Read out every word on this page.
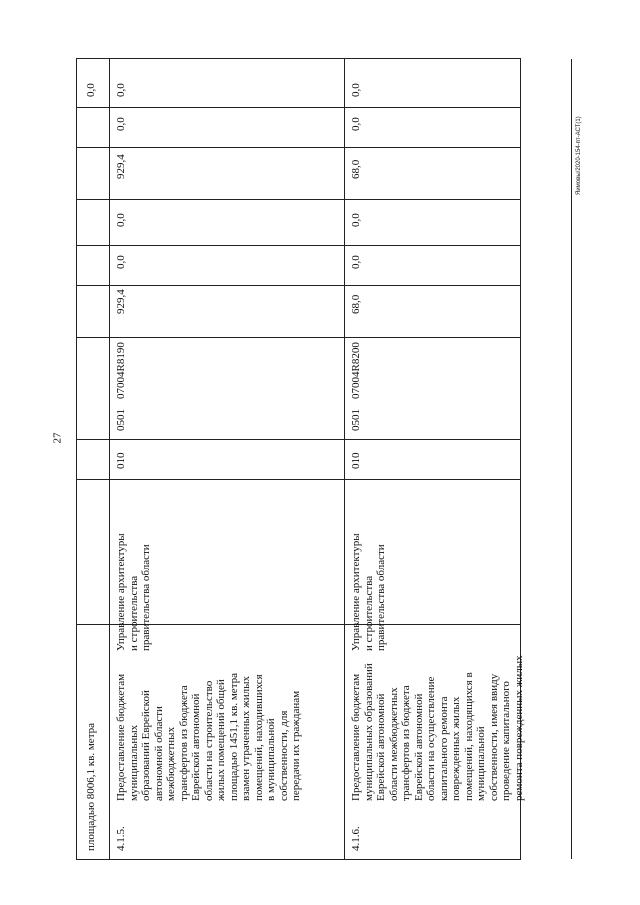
27
Яимовы/2020-154-пт-АСТ(1)
площадью 8006,1 кв. метра
0,0
4.1.5.
Предоставление бюджетам муниципальных образований Еврейской автономной области межбюджетных трансфертов из бюджета Еврейской автономной области на строительство жилых помещений общей площадью 1451,1 кв. метра взамен утраченных жилых помещений, находившихся в муниципальной собственности, для передачи их гражданам
Управление архитектуры и строительства правительства области
010
0501
07004R8190
929,4
0,0
0,0
929,4
0,0
0,0
4.1.6.
Предоставление бюджетам муниципальных образований Еврейской автономной области межбюджетных трансфертов из бюджета Еврейской автономной области на осуществление капитального ремонта поврежденных жилых помещений, находящихся в муниципальной собственности, имея ввиду проведение капитального ремонта поврежденных жилых
Управление архитектуры и строительства правительства области
010
0501
07004R8200
68,0
0,0
0,0
68,0
0,0
0,0
